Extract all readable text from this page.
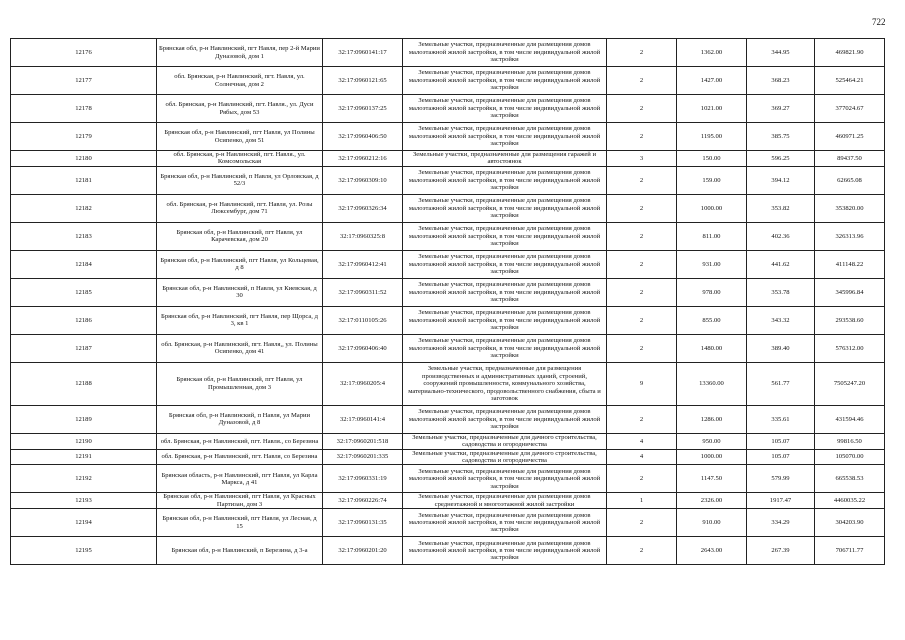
722
12176	Брянская обл, р-н Навлинский, пгт Навля, пер 2-й Марии Дуназовой, дом 1	32:17:0960141:17	Земельные участки, предназначенные для размещения домов малоэтажной жилой застройки, в том числе индивидуальной жилой застройки	2	1362.00	344.95	469821.90
12177	обл. Брянская, р-н Навлинский, пгт. Навля, ул. Солнечная, дом 2	32:17:0960121:65	Земельные участки, предназначенные для размещения домов малоэтажной жилой застройки, в том числе индивидуальной жилой застройки	2	1427.00	368.23	525464.21
12178	обл. Брянская, р-н Навлинский, пгт. Навля., ул. Дуси Рябых, дом 53	32:17:0960137:25	Земельные участки, предназначенные для размещения домов малоэтажной жилой застройки, в том числе индивидуальной жилой застройки	2	1021.00	369.27	377024.67
12179	Брянская обл, р-н Навлинский, пгт Навля, ул Полины Осипенко, дом 51	32:17:0960406:50	Земельные участки, предназначенные для размещения домов малоэтажной жилой застройки, в том числе индивидуальной жилой застройки	2	1195.00	385.75	460971.25
12180	обл. Брянская, р-н Навлинский, пгт. Навля., ул. Комсомольская	32:17:0960212:16	Земельные участки, предназначенные для размещения гаражей и автостоянок	3	150.00	596.25	89437.50
12181	Брянская обл, р-н Навлинский, п Навля, ул Орловская, д 52/3	32:17:0960309:10	Земельные участки, предназначенные для размещения домов малоэтажной жилой застройки, в том числе индивидуальной жилой застройки	2	159.00	394.12	62665.08
12182	обл. Брянская, р-н Навлинский, пгт. Навля, ул. Розы Люксембург, дом 71	32:17:0960326:34	Земельные участки, предназначенные для размещения домов малоэтажной жилой застройки, в том числе индивидуальной жилой застройки	2	1000.00	353.82	353820.00
12183	Брянская обл, р-н Навлинский, пгт Навля, ул Карачевская, дом 20	32:17:0960325:8	Земельные участки, предназначенные для размещения домов малоэтажной жилой застройки, в том числе индивидуальной жилой застройки	2	811.00	402.36	326313.96
12184	Брянская обл, р-н Навлинский, пгт Навля, ул Кольцевая, д 8	32:17:0960412:41	Земельные участки, предназначенные для размещения домов малоэтажной жилой застройки, в том числе индивидуальной жилой застройки	2	931.00	441.62	411148.22
12185	Брянская обл, р-н Навлинский, п Навля, ул Киевская, д 30	32:17:0960311:52	Земельные участки, предназначенные для размещения домов малоэтажной жилой застройки, в том числе индивидуальной жилой застройки	2	978.00	353.78	345996.84
12186	Брянская обл, р-н Навлинский, пгт Навля, пер Щорса, д 3, кв 1	32:17:0110105:26	Земельные участки, предназначенные для размещения домов малоэтажной жилой застройки, в том числе индивидуальной жилой застройки	2	855.00	343.32	293538.60
12187	обл. Брянская, р-н Навлинский, пгт. Навля,, ул. Полины Осипенко, дом 41	32:17:0960406:40	Земельные участки, предназначенные для размещения домов малоэтажной жилой застройки, в том числе индивидуальной жилой застройки	2	1480.00	389.40	576312.00
12188	Брянская обл, р-н Навлинский, пгт Навля, ул Промышленная, дом 3	32:17:0960205:4	Земельные участки, предназначенные для размещения производственных и административных зданий, строений, сооружений промышленности, коммунального хозяйства, материально-технического, продовольственного снабжения, сбыта и заготовок	9	13360.00	561.77	7505247.20
12189	Брянская обл, р-н Навлинский, п Навля, ул Марии Дуназовой, д 8	32:17:0960141:4	Земельные участки, предназначенные для размещения домов малоэтажной жилой застройки, в том числе индивидуальной жилой застройки	2	1286.00	335.61	431594.46
12190	обл. Брянская, р-н Навлинский, пгт. Навля., со Березина	32:17:0960201:518	Земельные участки, предназначенные для дачного строительства, садоводства и огородничества	4	950.00	105.07	99816.50
12191	обл. Брянская, р-н Навлинский, пгт. Навля, со Березина	32:17:0960201:335	Земельные участки, предназначенные для дачного строительства, садоводства и огородничества	4	1000.00	105.07	105070.00
12192	Брянская область, р-н Навлинский, пгт Навля, ул Карла Маркса, д 41	32:17:0960331:19	Земельные участки, предназначенные для размещения домов малоэтажной жилой застройки, в том числе индивидуальной жилой застройки	2	1147.50	579.99	665538.53
12193	Брянская обл, р-н Навлинский, пгт Навля, ул Красных Партизан, дом 3	32:17:0960226:74	Земельные участки, предназначенные для размещения домов среднеэтажной и многоэтажной жилой застройки	1	2326.00	1917.47	4460035.22
12194	Брянская обл, р-н Навлинский, пгт Навля, ул Лесная, д 15	32:17:0960131:35	Земельные участки, предназначенные для размещения домов малоэтажной жилой застройки, в том числе индивидуальной жилой застройки	2	910.00	334.29	304203.90
12195	Брянская обл, р-н Навлинский, п Березина, д 3-а	32:17:0960201:20	Земельные участки, предназначенные для размещения домов малоэтажной жилой застройки, в том числе индивидуальной жилой застройки	2	2643.00	267.39	706711.77
